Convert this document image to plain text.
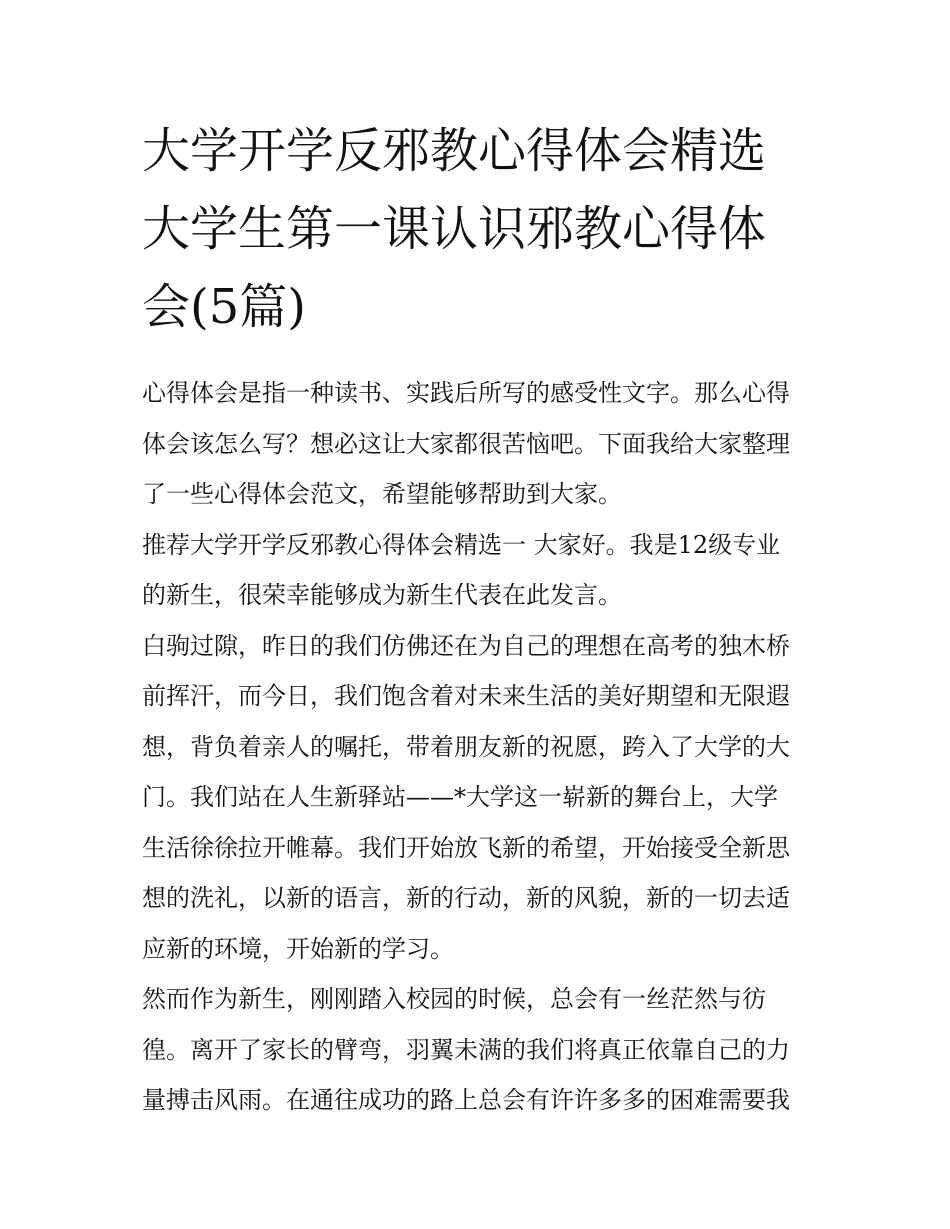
大学开学反邪教心得体会精选
大学生第一课认识邪教心得体
会(5篇)

心得体会是指一种读书、实践后所写的感受性文字。那么心得
体会该怎么写？想必这让大家都很苦恼吧。下面我给大家整理
了一些心得体会范文，希望能够帮助到大家。

推荐大学开学反邪教心得体会精选一 大家好。我是12级专业
的新生，很荣幸能够成为新生代表在此发言。

白驹过隙，昨日的我们仿佛还在为自己的理想在高考的独木桥
前挥汗，而今日，我们饱含着对未来生活的美好期望和无限遐
想，背负着亲人的嘱托，带着朋友新的祝愿，跨入了大学的大
门。我们站在人生新驿站——*大学这一崭新的舞台上，大学
生活徐徐拉开帷幕。我们开始放飞新的希望，开始接受全新思
想的洗礼，以新的语言，新的行动，新的风貌，新的一切去适
应新的环境，开始新的学习。

然而作为新生，刚刚踏入校园的时候，总会有一丝茫然与彷
徨。离开了家长的臂弯，羽翼未满的我们将真正依靠自己的力
量搏击风雨。在通往成功的路上总会有许许多多的困难需要我
